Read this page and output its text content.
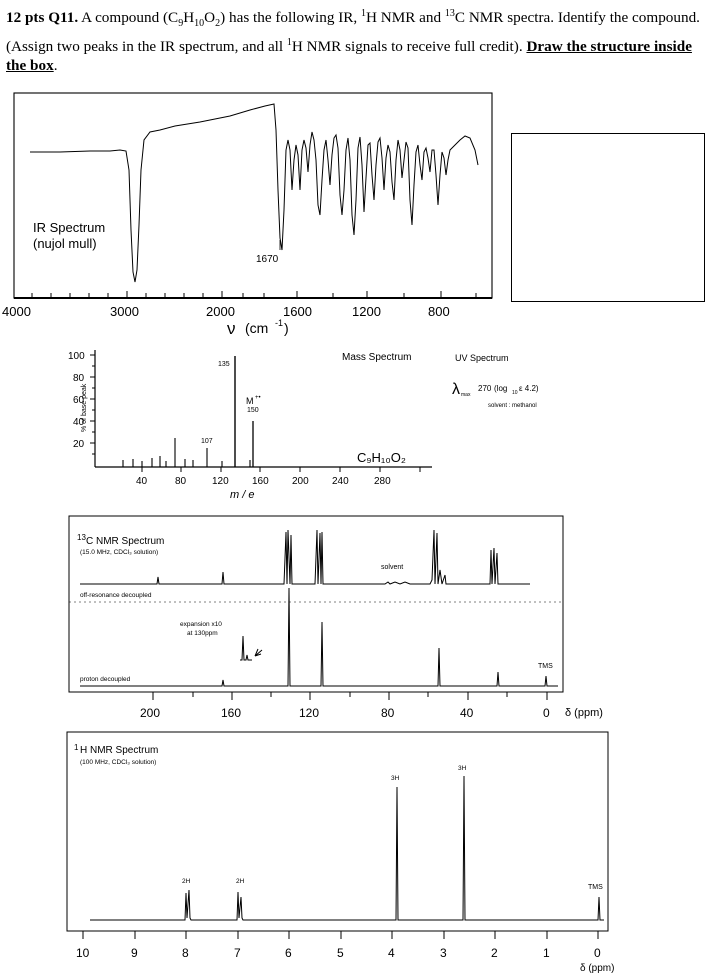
12 pts Q11. A compound $(C_9H_{10}O_2)$ has the following IR, $^1$H NMR and $^{13}$C NMR spectra. Identify the compound. (Assign two peaks in the IR spectrum, and all $^1$H NMR signals to receive full credit). Draw the structure inside the box.
IR Spectrum
(nujol mull)
1670
4000	3000	2000	1600	1200	800
ν (cm -1 )
100
80
60
40
20
% of base peak
40	80	120 160 200 240	280
m / e
Mass Spectrum
135
107
M +•
150
C₉H₁₀O₂
UV Spectrum
λ max
270 (log 10 ε 4.2)
solvent : methanol
13 C NMR Spectrum
(15.0 MHz, CDCl₃ solution)
off-resonance decoupled
solvent
expansion x10
at 130ppm
TMS
proton decoupled
200	160	120	80	40	0 δ (ppm)
1 H NMR Spectrum
(100 MHz, CDCl₃ solution)
2H	2H
3H
3H
TMS
10	9	8	7	6	5	4	3	2	1	0
δ (ppm)
